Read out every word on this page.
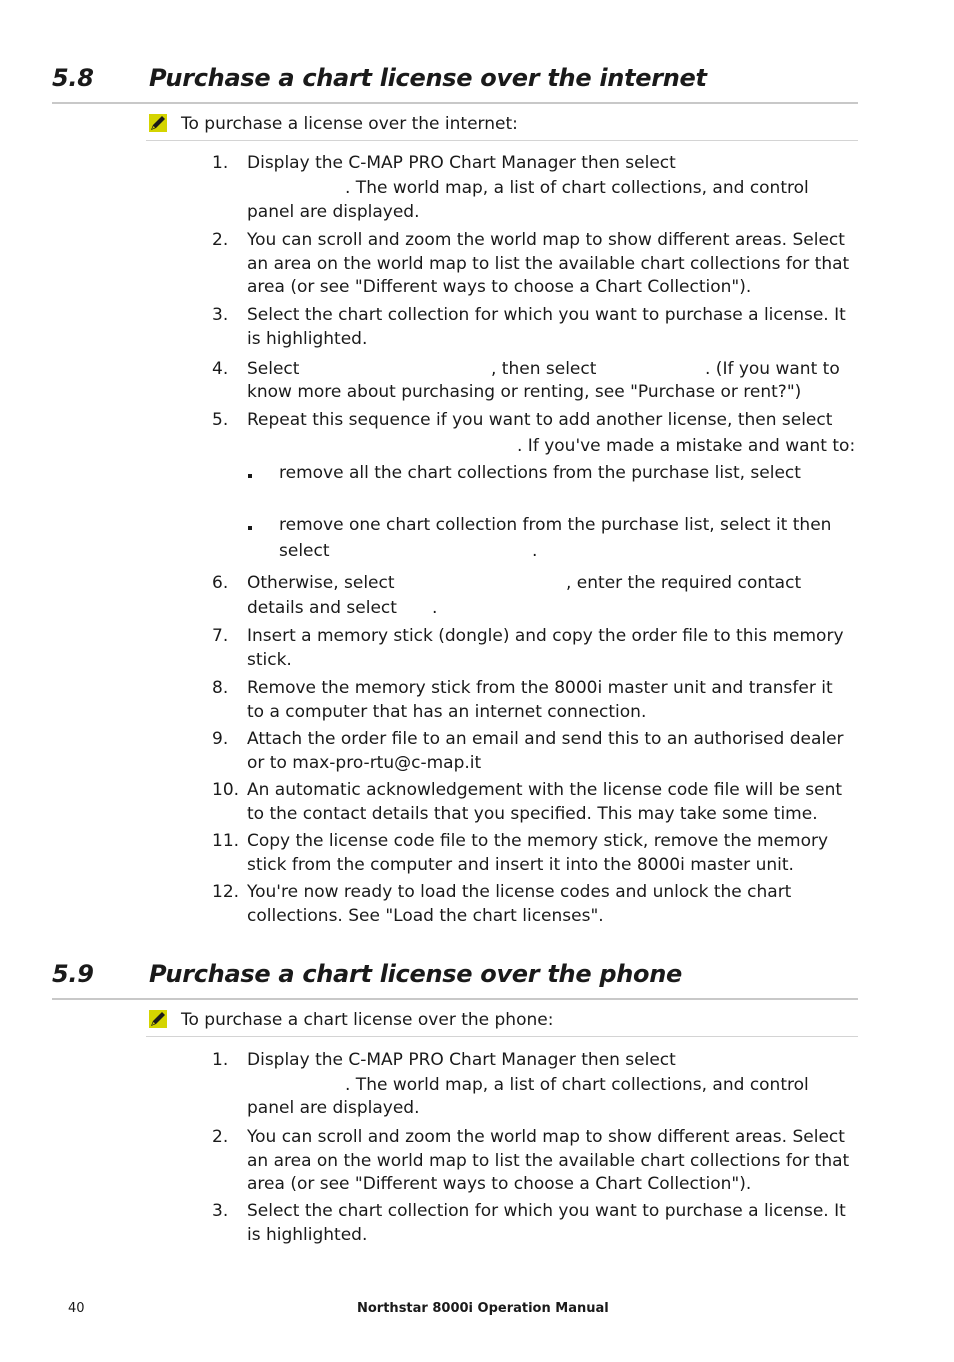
5.8 Purchase a chart license over the internet
To purchase a license over the internet:
1.	Display the C-MAP PRO Chart Manager then select
. The world map, a list of chart collections, and control
panel are displayed.
2.	You can scroll and zoom the world map to show different areas. Select an area on the world map to list the available chart collections for that area (or see "Different ways to choose a Chart Collection").
3.	Select the chart collection for which you want to purchase a license. It is highlighted.
4.	Select	, then select	. (If you want to
know more about purchasing or renting, see "Purchase or rent?")
5.	Repeat this sequence if you want to add another license, then select
. If you've made a mistake and want to:
remove all the chart collections from the purchase list, select
remove one chart collection from the purchase list, select it then
select	.
6.	Otherwise, select	, enter the required contact
details and select .
7.	Insert a memory stick (dongle) and copy the order file to this memory stick.
8.	Remove the memory stick from the 8000i master unit and transfer it to a computer that has an internet connection.
9.	Attach the order file to an email and send this to an authorised dealer or to max-pro-rtu@c-map.it
10. An automatic acknowledgement with the license code file will be sent to the contact details that you specified. This may take some time.
11. Copy the license code file to the memory stick, remove the memory stick from the computer and insert it into the 8000i master unit.
12. You're now ready to load the license codes and unlock the chart collections. See "Load the chart licenses".
5.9 Purchase a chart license over the phone
To purchase a chart license over the phone:
1.	Display the C-MAP PRO Chart Manager then select
. The world map, a list of chart collections, and control
panel are displayed.
2.	You can scroll and zoom the world map to show different areas. Select an area on the world map to list the available chart collections for that area (or see "Different ways to choose a Chart Collection").
3.	Select the chart collection for which you want to purchase a license. It is highlighted.
40	Northstar 8000i Operation Manual
